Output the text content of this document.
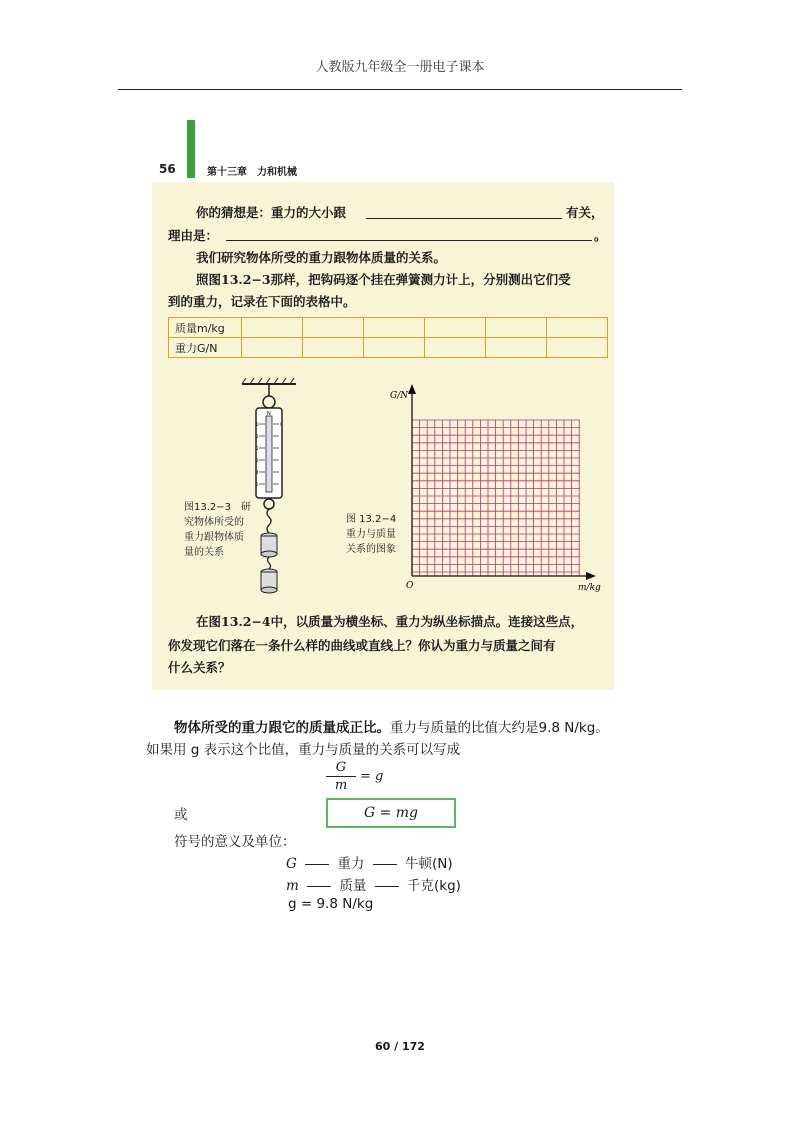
人教版九年级全一册电子课本
56	第十三章　力和机械
你的猜想是：重力的大小跟	有关，
理由是：	。
我们研究物体所受的重力跟物体质量的关系。
照图13.2−3那样，把钩码逐个挂在弹簧测力计上，分别测出它们受
到的重力，记录在下面的表格中。
质量m/kg						
重力G/N						
N
0
1
2
3
4
5
0
图13.2−3　研
究物体所受的
重力跟物体质
量的关系
G/N
m/kg
O
图 13.2−4
重力与质量
关系的图象
在图13.2−4中，以质量为横坐标、重力为纵坐标描点。连接这些点，
你发现它们落在一条什么样的曲线或直线上？你认为重力与质量之间有
什么关系？
物体所受的重力跟它的质量成正比。重力与质量的比值大约是9.8 N/kg。
如果用 g 表示这个比值，重力与质量的关系可以写成
G
m
= g
或	G = mg
符号的意义及单位：
G	重力	牛顿(N)
m	质量	千克(kg)
g = 9.8 N/kg
60 / 172
